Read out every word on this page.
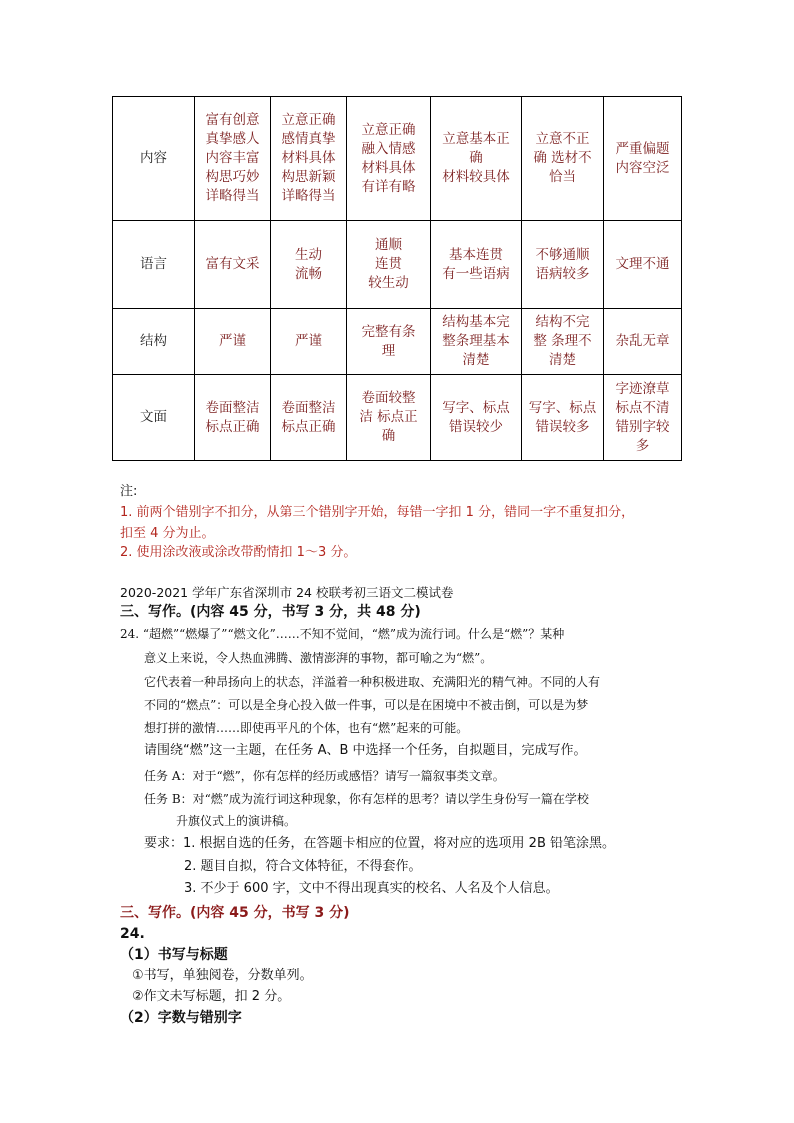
内容	富有创意
真挚感人
内容丰富
构思巧妙
详略得当	立意正确
感情真挚
材料具体
构思新颖
详略得当	立意正确
融入情感
材料具体
有详有略	立意基本正
确
材料较具体	立意不正
确 选材不
恰当	严重偏题
内容空泛

语言	富有文采	生动
流畅	通顺
连贯
较生动	基本连贯
有一些语病	不够通顺
语病较多	文理不通

结构	严谨	严谨	完整有条
理	结构基本完
整条理基本
清楚	结构不完
整 条理不
清楚	杂乱无章

文面	卷面整洁
标点正确	卷面整洁
标点正确	卷面较整
洁 标点正
确	写字、标点
错误较少	写字、标点
错误较多	字迹潦草
标点不清
错别字较
多
注:
1. 前两个错别字不扣分，从第三个错别字开始，每错一字扣 1 分，错同一字不重复扣分，
扣至 4 分为止。
2. 使用涂改液或涂改带酌情扣 1～3 分。
2020-2021 学年广东省深圳市 24 校联考初三语文二模试卷
三、写作。(内容 45 分，书写 3 分，共 48 分)
24. “超燃”“燃爆了”“燃文化”……不知不觉间，“燃”成为流行词。什么是“燃”？某种
意义上来说，令人热血沸腾、激情澎湃的事物，都可喻之为“燃”。
它代表着一种昂扬向上的状态，洋溢着一种积极进取、充满阳光的精气神。不同的人有
不同的“燃点”：可以是全身心投入做一件事，可以是在困境中不被击倒，可以是为梦
想打拼的激情……即使再平凡的个体，也有“燃”起来的可能。
请围绕“燃”这一主题，在任务 A、B 中选择一个任务，自拟题目，完成写作。
任务 A：对于“燃”，你有怎样的经历或感悟？请写一篇叙事类文章。
任务 B：对“燃”成为流行词这种现象，你有怎样的思考？请以学生身份写一篇在学校
升旗仪式上的演讲稿。
要求：1. 根据自选的任务，在答题卡相应的位置，将对应的选项用 2B 铅笔涂黑。
2. 题目自拟，符合文体特征，不得套作。
3. 不少于 600 字，文中不得出现真实的校名、人名及个人信息。
三、写作。(内容 45 分，书写 3 分)
24.
（1）书写与标题
①书写，单独阅卷，分数单列。
②作文未写标题，扣 2 分。
（2）字数与错别字
